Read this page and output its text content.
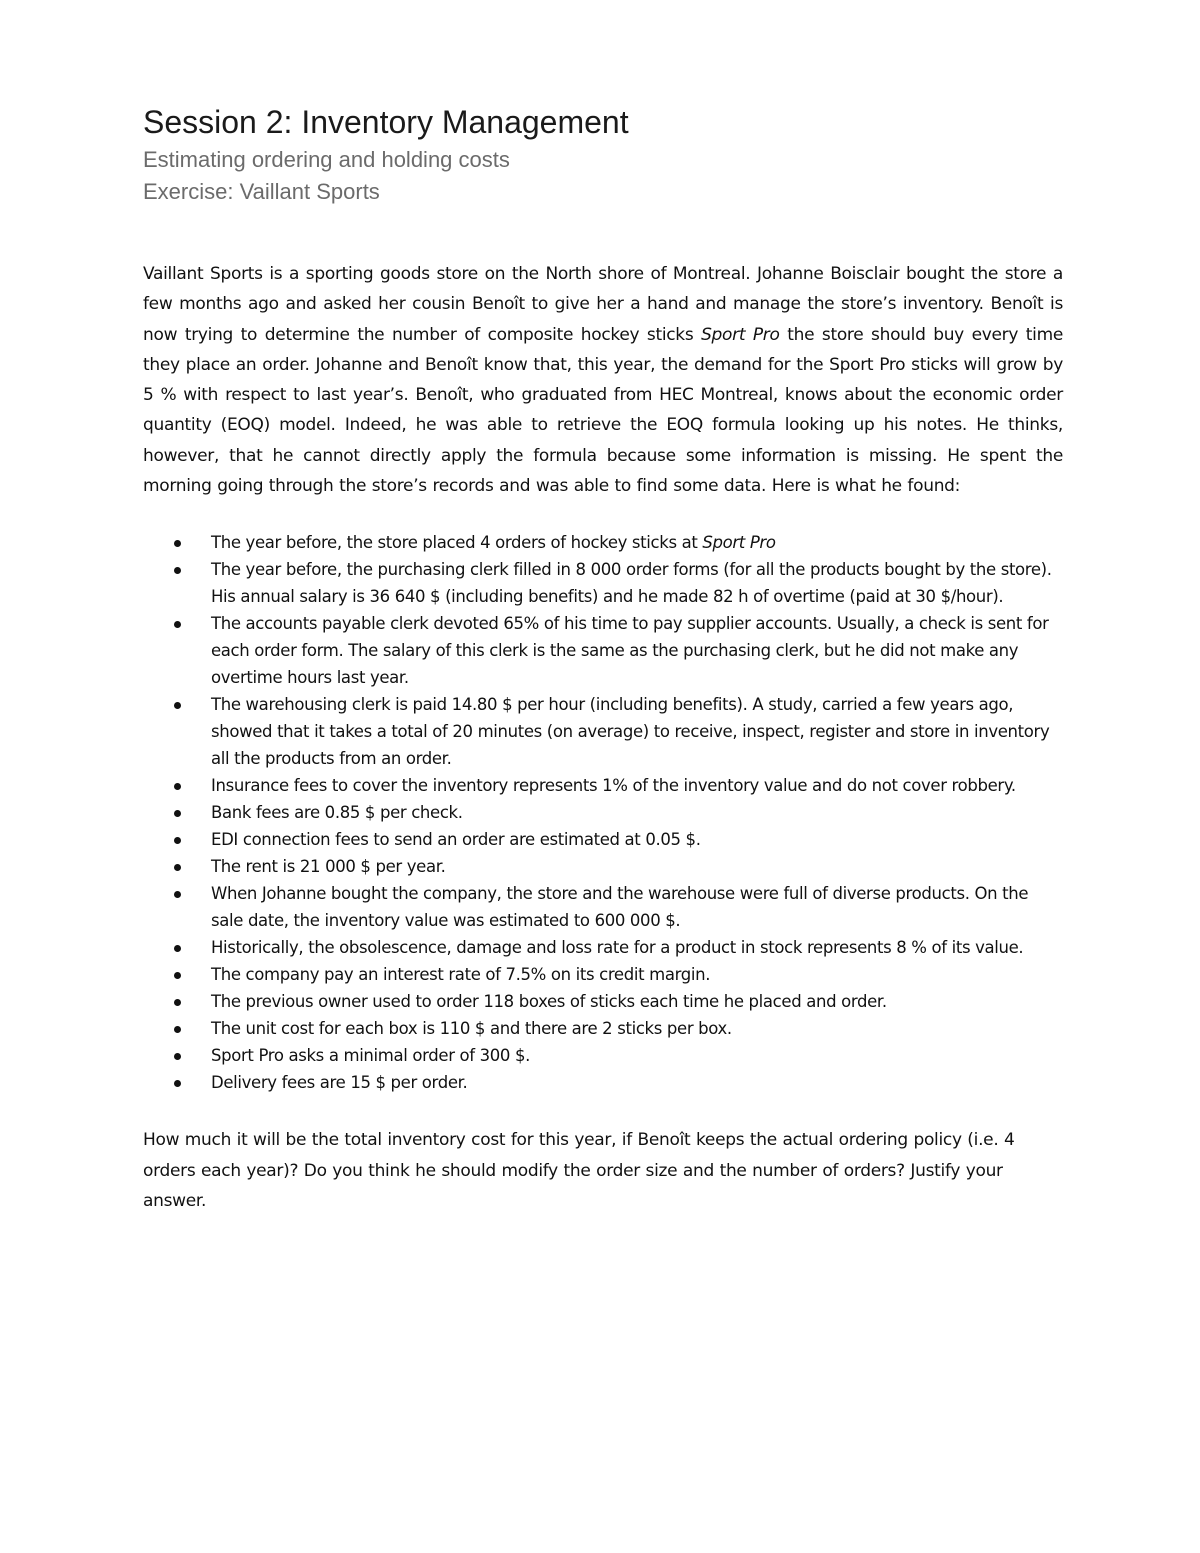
Session 2: Inventory Management
Estimating ordering and holding costs
Exercise: Vaillant Sports

Vaillant Sports is a sporting goods store on the North shore of Montreal. Johanne Boisclair bought the store a few months ago and asked her cousin Benoît to give her a hand and manage the store’s inventory. Benoît is now trying to determine the number of composite hockey sticks Sport Pro the store should buy every time they place an order. Johanne and Benoît know that, this year, the demand for the Sport Pro sticks will grow by 5 % with respect to last year’s. Benoît, who graduated from HEC Montreal, knows about the economic order quantity (EOQ) model. Indeed, he was able to retrieve the EOQ formula looking up his notes. He thinks, however, that he cannot directly apply the formula because some information is missing. He spent the morning going through the store’s records and was able to find some data. Here is what he found:

The year before, the store placed 4 orders of hockey sticks at Sport Pro
The year before, the purchasing clerk filled in 8 000 order forms (for all the products bought by the store). His annual salary is 36 640 $ (including benefits) and he made 82 h of overtime (paid at 30 $/hour).
The accounts payable clerk devoted 65% of his time to pay supplier accounts. Usually, a check is sent for each order form. The salary of this clerk is the same as the purchasing clerk, but he did not make any overtime hours last year.
The warehousing clerk is paid 14.80 $ per hour (including benefits). A study, carried a few years ago, showed that it takes a total of 20 minutes (on average) to receive, inspect, register and store in inventory all the products from an order.
Insurance fees to cover the inventory represents 1% of the inventory value and do not cover robbery.
Bank fees are 0.85 $ per check.
EDI connection fees to send an order are estimated at 0.05 $.
The rent is 21 000 $ per year.
When Johanne bought the company, the store and the warehouse were full of diverse products. On the sale date, the inventory value was estimated to 600 000 $.
Historically, the obsolescence, damage and loss rate for a product in stock represents 8 % of its value.
The company pay an interest rate of 7.5% on its credit margin.
The previous owner used to order 118 boxes of sticks each time he placed and order.
The unit cost for each box is 110 $ and there are 2 sticks per box.
Sport Pro asks a minimal order of 300 $.
Delivery fees are 15 $ per order.

How much it will be the total inventory cost for this year, if Benoît keeps the actual ordering policy (i.e. 4 orders each year)? Do you think he should modify the order size and the number of orders? Justify your answer.
